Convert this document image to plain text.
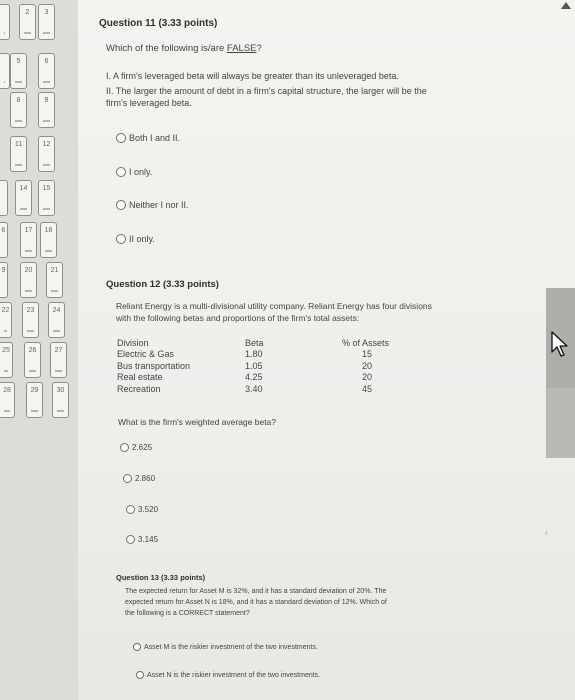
2	3
5	6
8	9
11	12
14	15
6	17	18
9	20	21
22	23	24
25	26	27
28	29	30
Question 11 (3.33 points)
Which of the following is/are FALSE?
I. A firm's leveraged beta will always be greater than its unleveraged beta.
II. The larger the amount of debt in a firm's capital structure, the larger will be the
firm's leveraged beta.
Both I and II.
I only.
Neither I nor II.
II only.
Question 12 (3.33 points)
Reliant Energy is a multi-divisional utility company. Reliant Energy has four divisions
with the following betas and proportions of the firm's total assets:
Division	Beta	% of Assets
Electric & Gas	1.80	15
Bus transportation	1.05	20
Real estate	4.25	20
Recreation	3.40	45
What is the firm's weighted average beta?
2.625
2.860
3.520
3.145
Question 13 (3.33 points)
The expected return for Asset M is 32%, and it has a standard deviation of 20%. The
expected return for Asset N is 18%, and it has a standard deviation of 12%. Which of
the following is a CORRECT statement?
Asset M is the riskier investment of the two investments.
Asset N is the riskier investment of the two investments.
‹
